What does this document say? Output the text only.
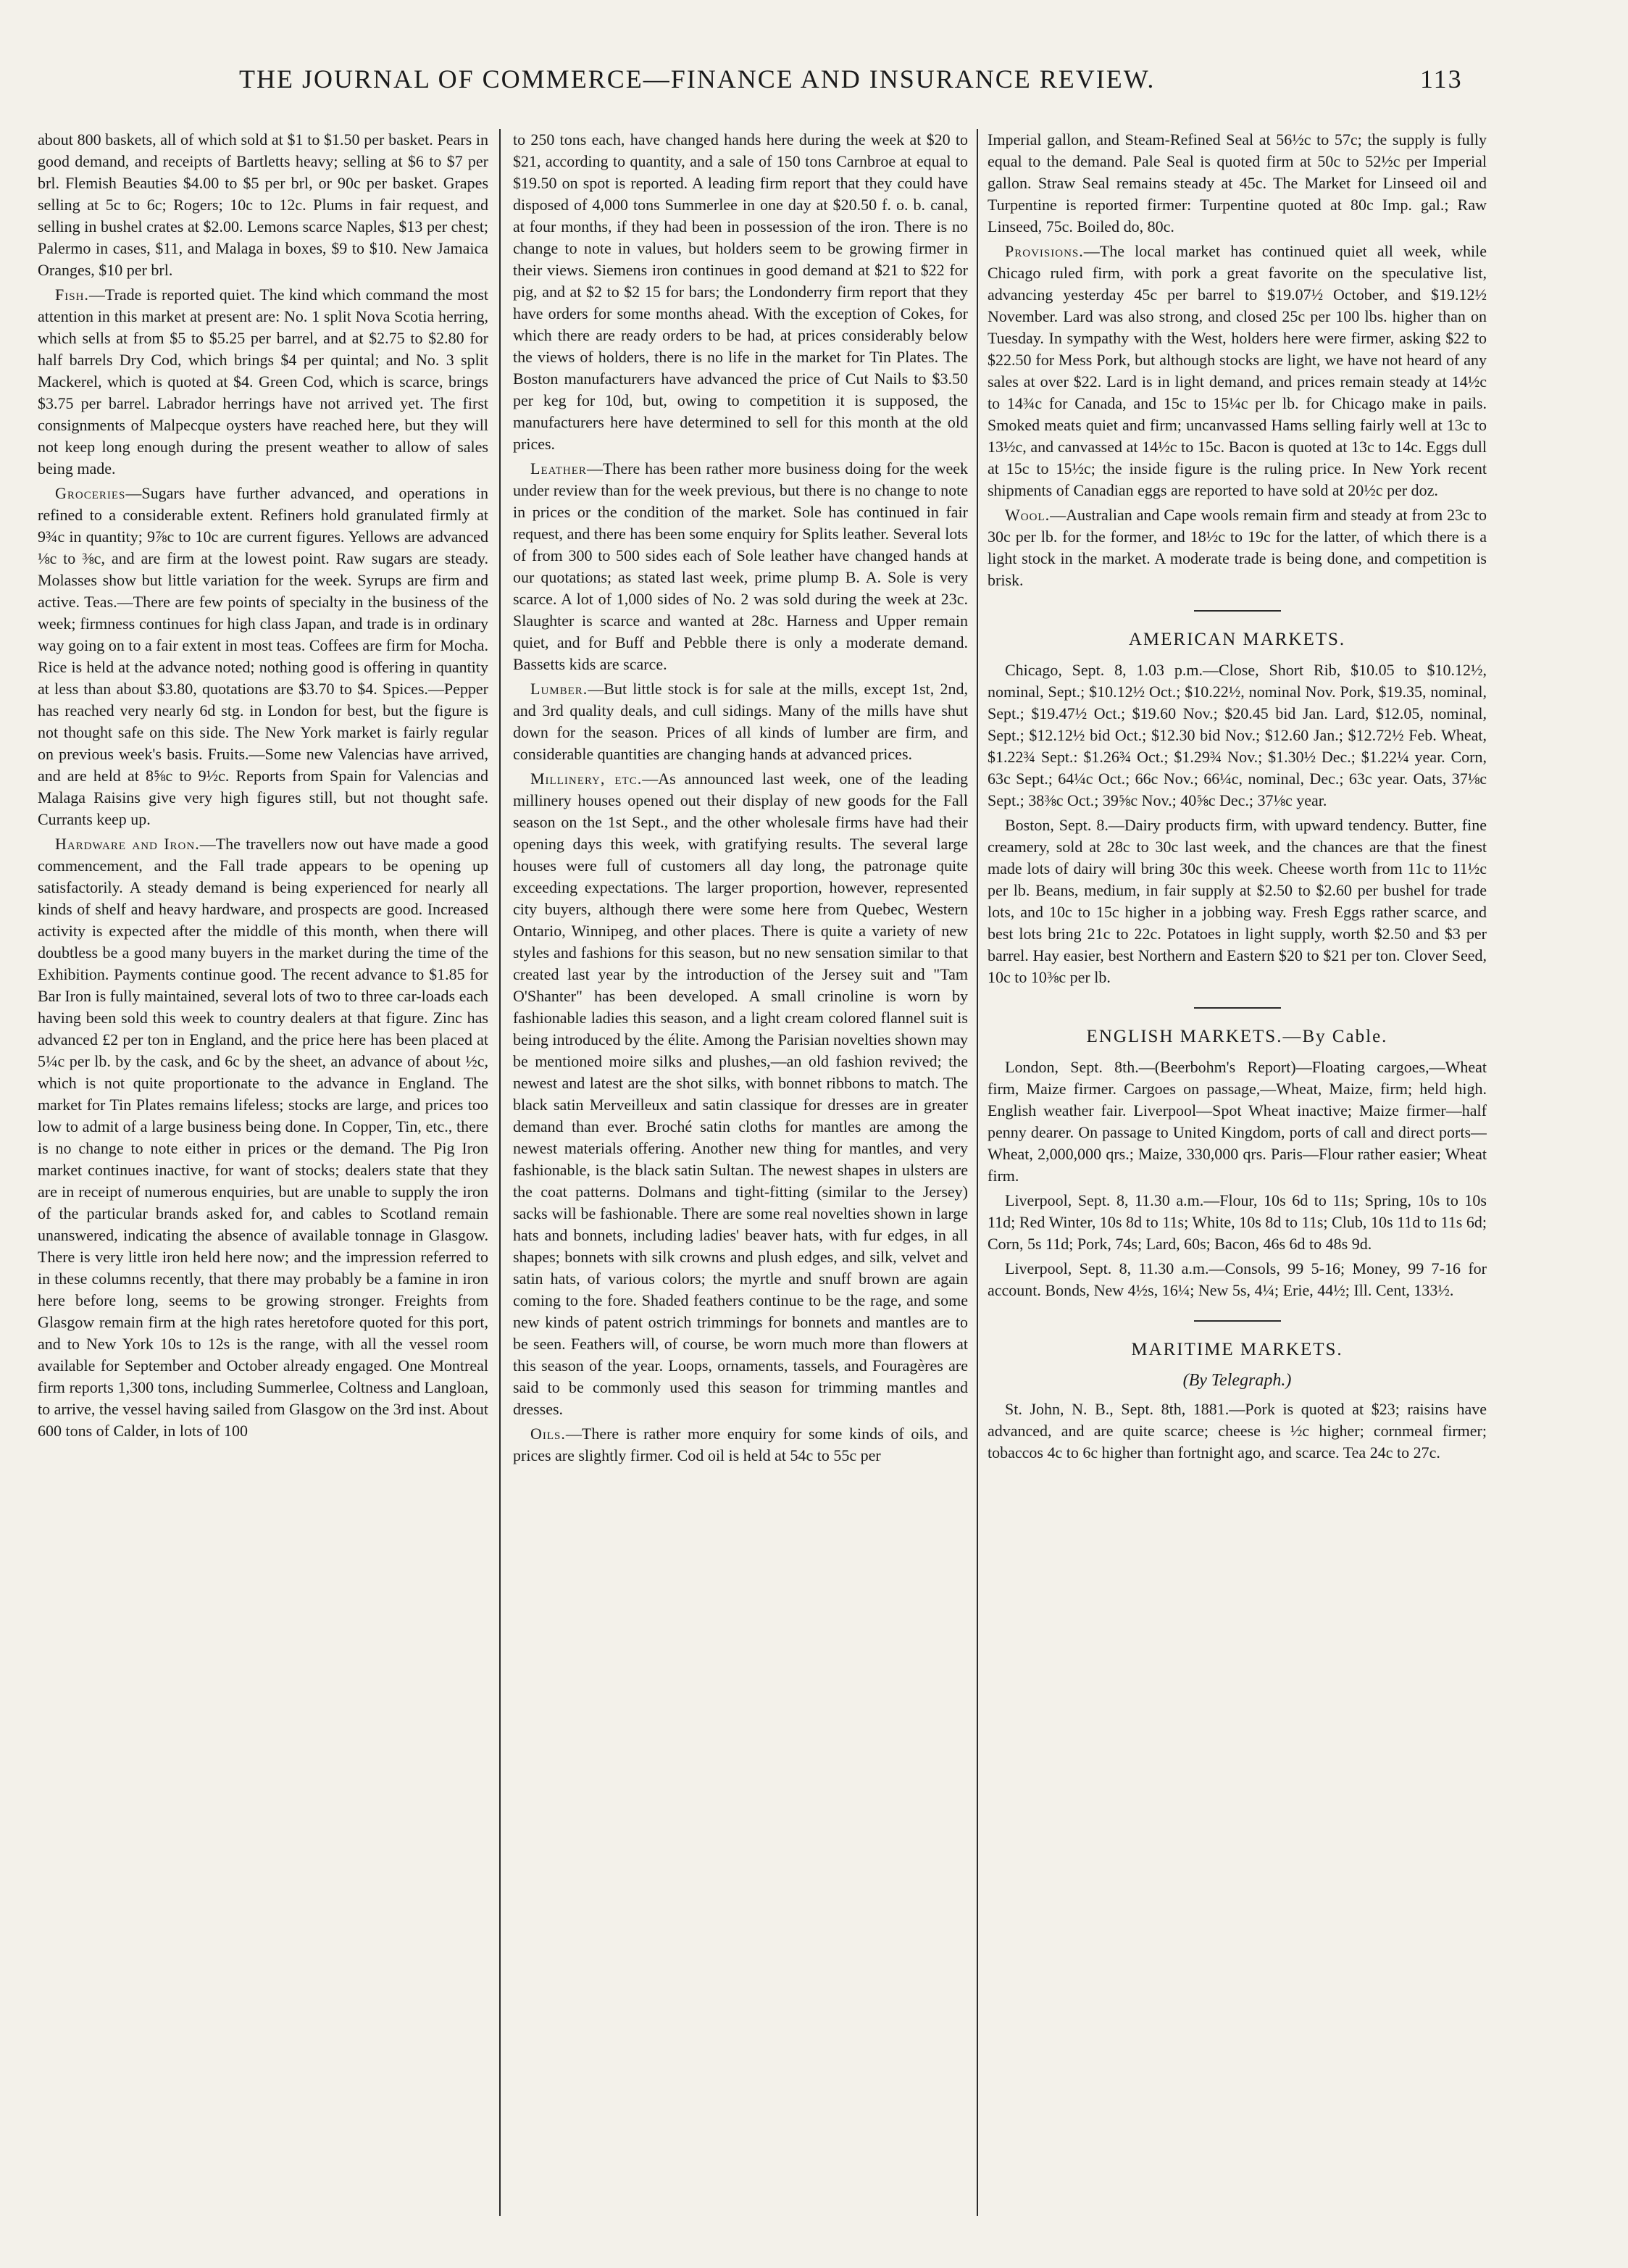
THE JOURNAL OF COMMERCE—FINANCE AND INSURANCE REVIEW.	113

about 800 baskets, all of which sold at $1 to $1.50 per basket. Pears in good demand, and receipts of Bartletts heavy; selling at $6 to $7 per brl. Flemish Beauties $4.00 to $5 per brl, or 90c per basket. Grapes selling at 5c to 6c; Rogers; 10c to 12c. Plums in fair request, and selling in bushel crates at $2.00. Lemons scarce Naples, $13 per chest; Palermo in cases, $11, and Malaga in boxes, $9 to $10. New Jamaica Oranges, $10 per brl.

Fish.—Trade is reported quiet. The kind which command the most attention in this market at present are: No. 1 split Nova Scotia herring, which sells at from $5 to $5.25 per barrel, and at $2.75 to $2.80 for half barrels Dry Cod, which brings $4 per quintal; and No. 3 split Mackerel, which is quoted at $4. Green Cod, which is scarce, brings $3.75 per barrel. Labrador herrings have not arrived yet. The first consignments of Malpecque oysters have reached here, but they will not keep long enough during the present weather to allow of sales being made.

Groceries—Sugars have further advanced, and operations in refined to a considerable extent. Refiners hold granulated firmly at 9¾c in quantity; 9⅞c to 10c are current figures. Yellows are advanced ⅛c to ⅜c, and are firm at the lowest point. Raw sugars are steady. Molasses show but little variation for the week. Syrups are firm and active. Teas.—There are few points of specialty in the business of the week; firmness continues for high class Japan, and trade is in ordinary way going on to a fair extent in most teas. Coffees are firm for Mocha. Rice is held at the advance noted; nothing good is offering in quantity at less than about $3.80, quotations are $3.70 to $4. Spices.—Pepper has reached very nearly 6d stg. in London for best, but the figure is not thought safe on this side. The New York market is fairly regular on previous week's basis. Fruits.—Some new Valencias have arrived, and are held at 8⅝c to 9½c. Reports from Spain for Valencias and Malaga Raisins give very high figures still, but not thought safe. Currants keep up.

Hardware and Iron.—The travellers now out have made a good commencement, and the Fall trade appears to be opening up satisfactorily. A steady demand is being experienced for nearly all kinds of shelf and heavy hardware, and prospects are good. Increased activity is expected after the middle of this month, when there will doubtless be a good many buyers in the market during the time of the Exhibition. Payments continue good. The recent advance to $1.85 for Bar Iron is fully maintained, several lots of two to three car-loads each having been sold this week to country dealers at that figure. Zinc has advanced £2 per ton in England, and the price here has been placed at 5¼c per lb. by the cask, and 6c by the sheet, an advance of about ½c, which is not quite proportionate to the advance in England. The market for Tin Plates remains lifeless; stocks are large, and prices too low to admit of a large business being done. In Copper, Tin, etc., there is no change to note either in prices or the demand. The Pig Iron market continues inactive, for want of stocks; dealers state that they are in receipt of numerous enquiries, but are unable to supply the iron of the particular brands asked for, and cables to Scotland remain unanswered, indicating the absence of available tonnage in Glasgow. There is very little iron held here now; and the impression referred to in these columns recently, that there may probably be a famine in iron here before long, seems to be growing stronger. Freights from Glasgow remain firm at the high rates heretofore quoted for this port, and to New York 10s to 12s is the range, with all the vessel room available for September and October already engaged. One Montreal firm reports 1,300 tons, including Summerlee, Coltness and Langloan, to arrive, the vessel having sailed from Glasgow on the 3rd inst. About 600 tons of Calder, in lots of 100

to 250 tons each, have changed hands here during the week at $20 to $21, according to quantity, and a sale of 150 tons Carnbroe at equal to $19.50 on spot is reported. A leading firm report that they could have disposed of 4,000 tons Summerlee in one day at $20.50 f. o. b. canal, at four months, if they had been in possession of the iron. There is no change to note in values, but holders seem to be growing firmer in their views. Siemens iron continues in good demand at $21 to $22 for pig, and at $2 to $2 15 for bars; the Londonderry firm report that they have orders for some months ahead. With the exception of Cokes, for which there are ready orders to be had, at prices considerably below the views of holders, there is no life in the market for Tin Plates. The Boston manufacturers have advanced the price of Cut Nails to $3.50 per keg for 10d, but, owing to competition it is supposed, the manufacturers here have determined to sell for this month at the old prices.

Leather—There has been rather more business doing for the week under review than for the week previous, but there is no change to note in prices or the condition of the market. Sole has continued in fair request, and there has been some enquiry for Splits leather. Several lots of from 300 to 500 sides each of Sole leather have changed hands at our quotations; as stated last week, prime plump B. A. Sole is very scarce. A lot of 1,000 sides of No. 2 was sold during the week at 23c. Slaughter is scarce and wanted at 28c. Harness and Upper remain quiet, and for Buff and Pebble there is only a moderate demand. Bassetts kids are scarce.

Lumber.—But little stock is for sale at the mills, except 1st, 2nd, and 3rd quality deals, and cull sidings. Many of the mills have shut down for the season. Prices of all kinds of lumber are firm, and considerable quantities are changing hands at advanced prices.

Millinery, etc.—As announced last week, one of the leading millinery houses opened out their display of new goods for the Fall season on the 1st Sept., and the other wholesale firms have had their opening days this week, with gratifying results. The several large houses were full of customers all day long, the patronage quite exceeding expectations. The larger proportion, however, represented city buyers, although there were some here from Quebec, Western Ontario, Winnipeg, and other places. There is quite a variety of new styles and fashions for this season, but no new sensation similar to that created last year by the introduction of the Jersey suit and "Tam O'Shanter" has been developed. A small crinoline is worn by fashionable ladies this season, and a light cream colored flannel suit is being introduced by the élite. Among the Parisian novelties shown may be mentioned moire silks and plushes,—an old fashion revived; the newest and latest are the shot silks, with bonnet ribbons to match. The black satin Merveilleux and satin classique for dresses are in greater demand than ever. Broché satin cloths for mantles are among the newest materials offering. Another new thing for mantles, and very fashionable, is the black satin Sultan. The newest shapes in ulsters are the coat patterns. Dolmans and tight-fitting (similar to the Jersey) sacks will be fashionable. There are some real novelties shown in large hats and bonnets, including ladies' beaver hats, with fur edges, in all shapes; bonnets with silk crowns and plush edges, and silk, velvet and satin hats, of various colors; the myrtle and snuff brown are again coming to the fore. Shaded feathers continue to be the rage, and some new kinds of patent ostrich trimmings for bonnets and mantles are to be seen. Feathers will, of course, be worn much more than flowers at this season of the year. Loops, ornaments, tassels, and Fouragères are said to be commonly used this season for trimming mantles and dresses.

Oils.—There is rather more enquiry for some kinds of oils, and prices are slightly firmer. Cod oil is held at 54c to 55c per

Imperial gallon, and Steam-Refined Seal at 56½c to 57c; the supply is fully equal to the demand. Pale Seal is quoted firm at 50c to 52½c per Imperial gallon. Straw Seal remains steady at 45c. The Market for Linseed oil and Turpentine is reported firmer: Turpentine quoted at 80c Imp. gal.; Raw Linseed, 75c. Boiled do, 80c.

Provisions.—The local market has continued quiet all week, while Chicago ruled firm, with pork a great favorite on the speculative list, advancing yesterday 45c per barrel to $19.07½ October, and $19.12½ November. Lard was also strong, and closed 25c per 100 lbs. higher than on Tuesday. In sympathy with the West, holders here were firmer, asking $22 to $22.50 for Mess Pork, but although stocks are light, we have not heard of any sales at over $22. Lard is in light demand, and prices remain steady at 14½c to 14¾c for Canada, and 15c to 15¼c per lb. for Chicago make in pails. Smoked meats quiet and firm; uncanvassed Hams selling fairly well at 13c to 13½c, and canvassed at 14½c to 15c. Bacon is quoted at 13c to 14c. Eggs dull at 15c to 15½c; the inside figure is the ruling price. In New York recent shipments of Canadian eggs are reported to have sold at 20½c per doz.

Wool.—Australian and Cape wools remain firm and steady at from 23c to 30c per lb. for the former, and 18½c to 19c for the latter, of which there is a light stock in the market. A moderate trade is being done, and competition is brisk.

AMERICAN MARKETS.

Chicago, Sept. 8, 1.03 p.m.—Close, Short Rib, $10.05 to $10.12½, nominal, Sept.; $10.12½ Oct.; $10.22½, nominal Nov. Pork, $19.35, nominal, Sept.; $19.47½ Oct.; $19.60 Nov.; $20.45 bid Jan. Lard, $12.05, nominal, Sept.; $12.12½ bid Oct.; $12.30 bid Nov.; $12.60 Jan.; $12.72½ Feb. Wheat, $1.22¾ Sept.: $1.26¾ Oct.; $1.29¾ Nov.; $1.30½ Dec.; $1.22¼ year. Corn, 63c Sept.; 64¼c Oct.; 66c Nov.; 66¼c, nominal, Dec.; 63c year. Oats, 37⅛c Sept.; 38⅜c Oct.; 39⅝c Nov.; 40⅝c Dec.; 37⅛c year.

Boston, Sept. 8.—Dairy products firm, with upward tendency. Butter, fine creamery, sold at 28c to 30c last week, and the chances are that the finest made lots of dairy will bring 30c this week. Cheese worth from 11c to 11½c per lb. Beans, medium, in fair supply at $2.50 to $2.60 per bushel for trade lots, and 10c to 15c higher in a jobbing way. Fresh Eggs rather scarce, and best lots bring 21c to 22c. Potatoes in light supply, worth $2.50 and $3 per barrel. Hay easier, best Northern and Eastern $20 to $21 per ton. Clover Seed, 10c to 10⅜c per lb.

ENGLISH MARKETS.—By Cable.

London, Sept. 8th.—(Beerbohm's Report)—Floating cargoes,—Wheat firm, Maize firmer. Cargoes on passage,—Wheat, Maize, firm; held high. English weather fair. Liverpool—Spot Wheat inactive; Maize firmer—half penny dearer. On passage to United Kingdom, ports of call and direct ports—Wheat, 2,000,000 qrs.; Maize, 330,000 qrs. Paris—Flour rather easier; Wheat firm.

Liverpool, Sept. 8, 11.30 a.m.—Flour, 10s 6d to 11s; Spring, 10s to 10s 11d; Red Winter, 10s 8d to 11s; White, 10s 8d to 11s; Club, 10s 11d to 11s 6d; Corn, 5s 11d; Pork, 74s; Lard, 60s; Bacon, 46s 6d to 48s 9d.

Liverpool, Sept. 8, 11.30 a.m.—Consols, 99 5-16; Money, 99 7-16 for account. Bonds, New 4½s, 16¼; New 5s, 4¼; Erie, 44½; Ill. Cent, 133½.

MARITIME MARKETS.
(By Telegraph.)

St. John, N. B., Sept. 8th, 1881.—Pork is quoted at $23; raisins have advanced, and are quite scarce; cheese is ½c higher; cornmeal firmer; tobaccos 4c to 6c higher than fortnight ago, and scarce. Tea 24c to 27c.
